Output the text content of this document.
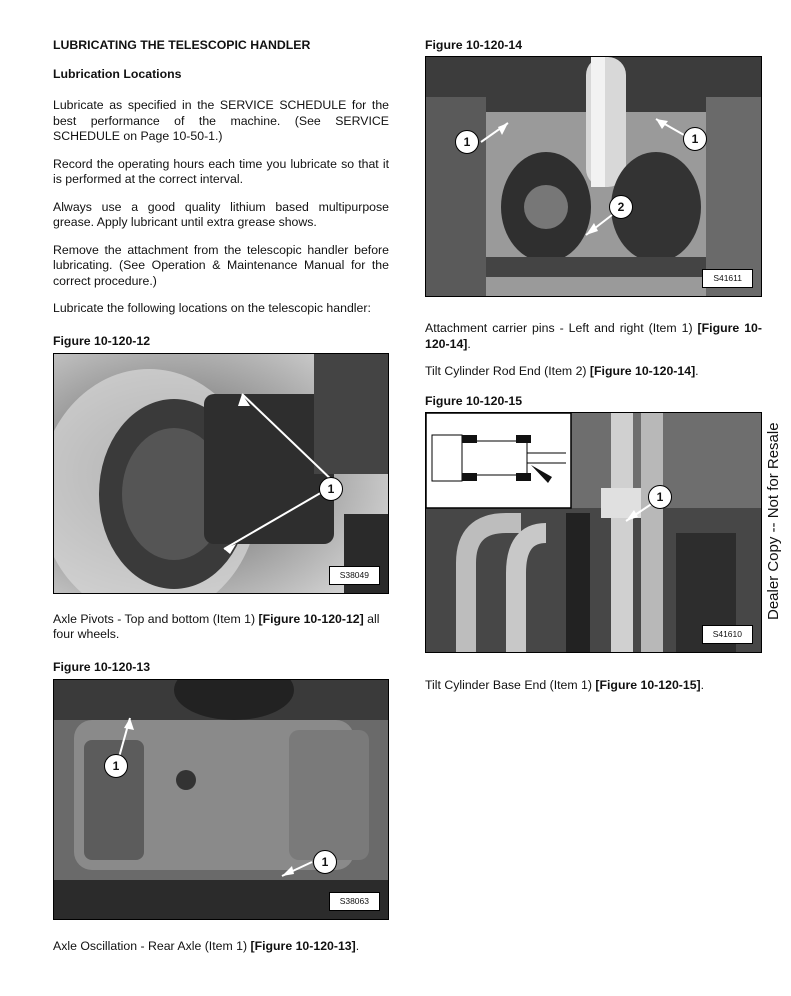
LUBRICATING THE TELESCOPIC HANDLER
Lubrication Locations

Lubricate as specified in the SERVICE SCHEDULE for the best performance of the machine. (See SERVICE SCHEDULE on Page 10-50-1.)

Record the operating hours each time you lubricate so that it is performed at the correct interval.

Always use a good quality lithium based multipurpose grease. Apply lubricant until extra grease shows.

Remove the attachment from the telescopic handler before lubricating. (See Operation & Maintenance Manual for the correct procedure.)

Lubricate the following locations on the telescopic handler:

Figure 10-120-12
1
S38049

Axle Pivots - Top and bottom (Item 1) [Figure 10-120-12] all four wheels.

Figure 10-120-13
1
1
S38063

Axle Oscillation - Rear Axle (Item 1) [Figure 10-120-13].

Figure 10-120-14
1	1
2
S41611

Attachment carrier pins - Left and right (Item 1) [Figure 10-120-14].

Tilt Cylinder Rod End (Item 2) [Figure 10-120-14].

Figure 10-120-15
1
S41610

Tilt Cylinder Base End (Item 1) [Figure 10-120-15].

Dealer Copy -- Not for Resale
